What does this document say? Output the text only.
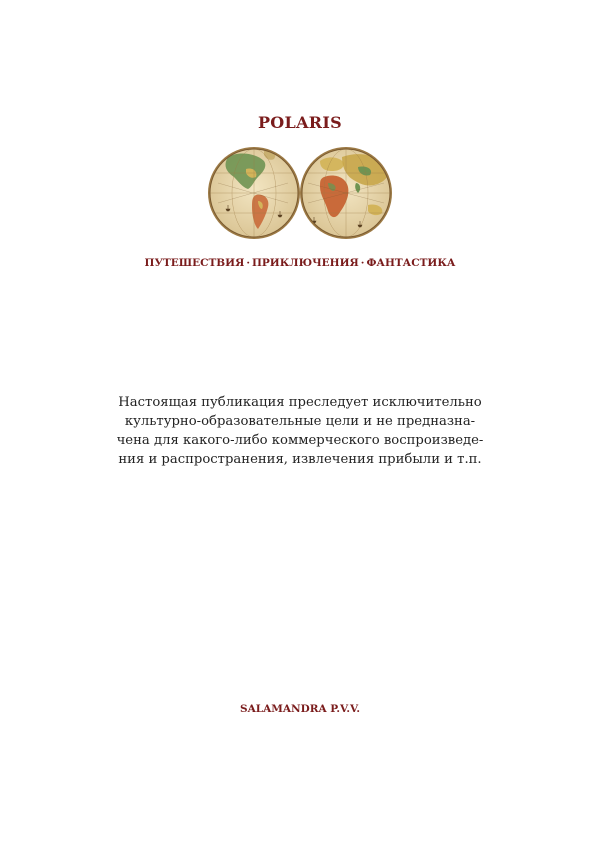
POLARIS
ПУТЕШЕСТВИЯ · ПРИКЛЮЧЕНИЯ · ФАНТАСТИКА
Настоящая публикация преследует исключительно
культурно-образовательные цели и не предназна-
чена для какого-либо коммерческого воспроизведе-
ния и распространения, извлечения прибыли и т.п.
SALAMANDRA P.V.V.
